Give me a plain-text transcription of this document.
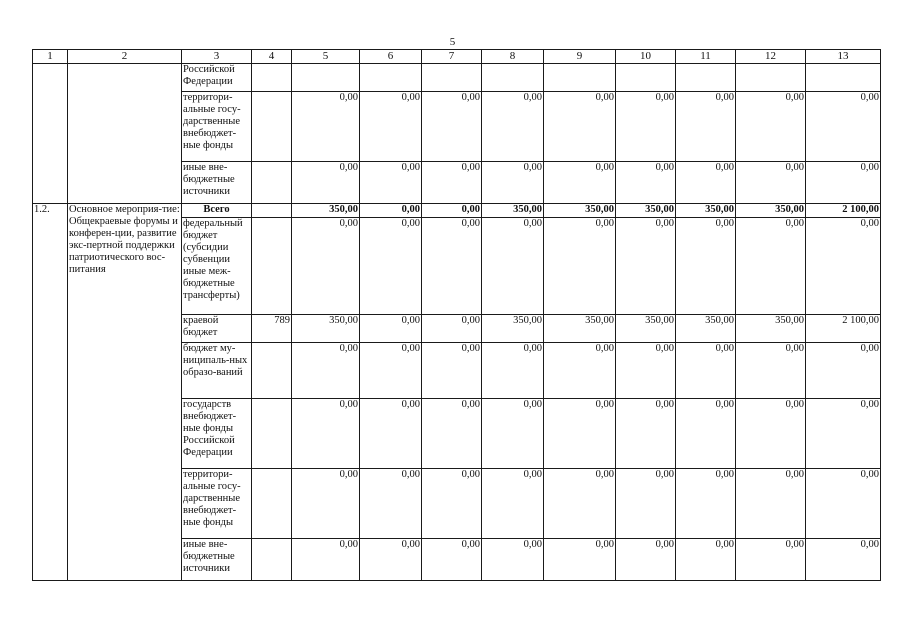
5
1	2	3	4	5	6	7	8	9	10	11	12	13
		Российской Федерации										
		территори-альные госу-дарственные внебюджет-ные фонды		0,00	0,00	0,00	0,00	0,00	0,00	0,00	0,00	0,00
		иные вне-бюджетные источники		0,00	0,00	0,00	0,00	0,00	0,00	0,00	0,00	0,00
1.2.	Основное мероприя-тие: Общекраевые форумы и конферен-ции, развитие экс-пертной поддержки патриотического вос-питания	Всего		350,00	0,00	0,00	350,00	350,00	350,00	350,00	350,00	2 100,00
		федеральный бюджет (субсидии субвенции иные меж-бюджетные трансферты)		0,00	0,00	0,00	0,00	0,00	0,00	0,00	0,00	0,00
		краевой бюджет	789	350,00	0,00	0,00	350,00	350,00	350,00	350,00	350,00	2 100,00
		бюджет му-ниципаль-ных образо-ваний		0,00	0,00	0,00	0,00	0,00	0,00	0,00	0,00	0,00
		государств внебюджет-ные фонды Российской Федерации		0,00	0,00	0,00	0,00	0,00	0,00	0,00	0,00	0,00
		территори-альные госу-дарственные внебюджет-ные фонды		0,00	0,00	0,00	0,00	0,00	0,00	0,00	0,00	0,00
		иные вне-бюджетные источники		0,00	0,00	0,00	0,00	0,00	0,00	0,00	0,00	0,00
